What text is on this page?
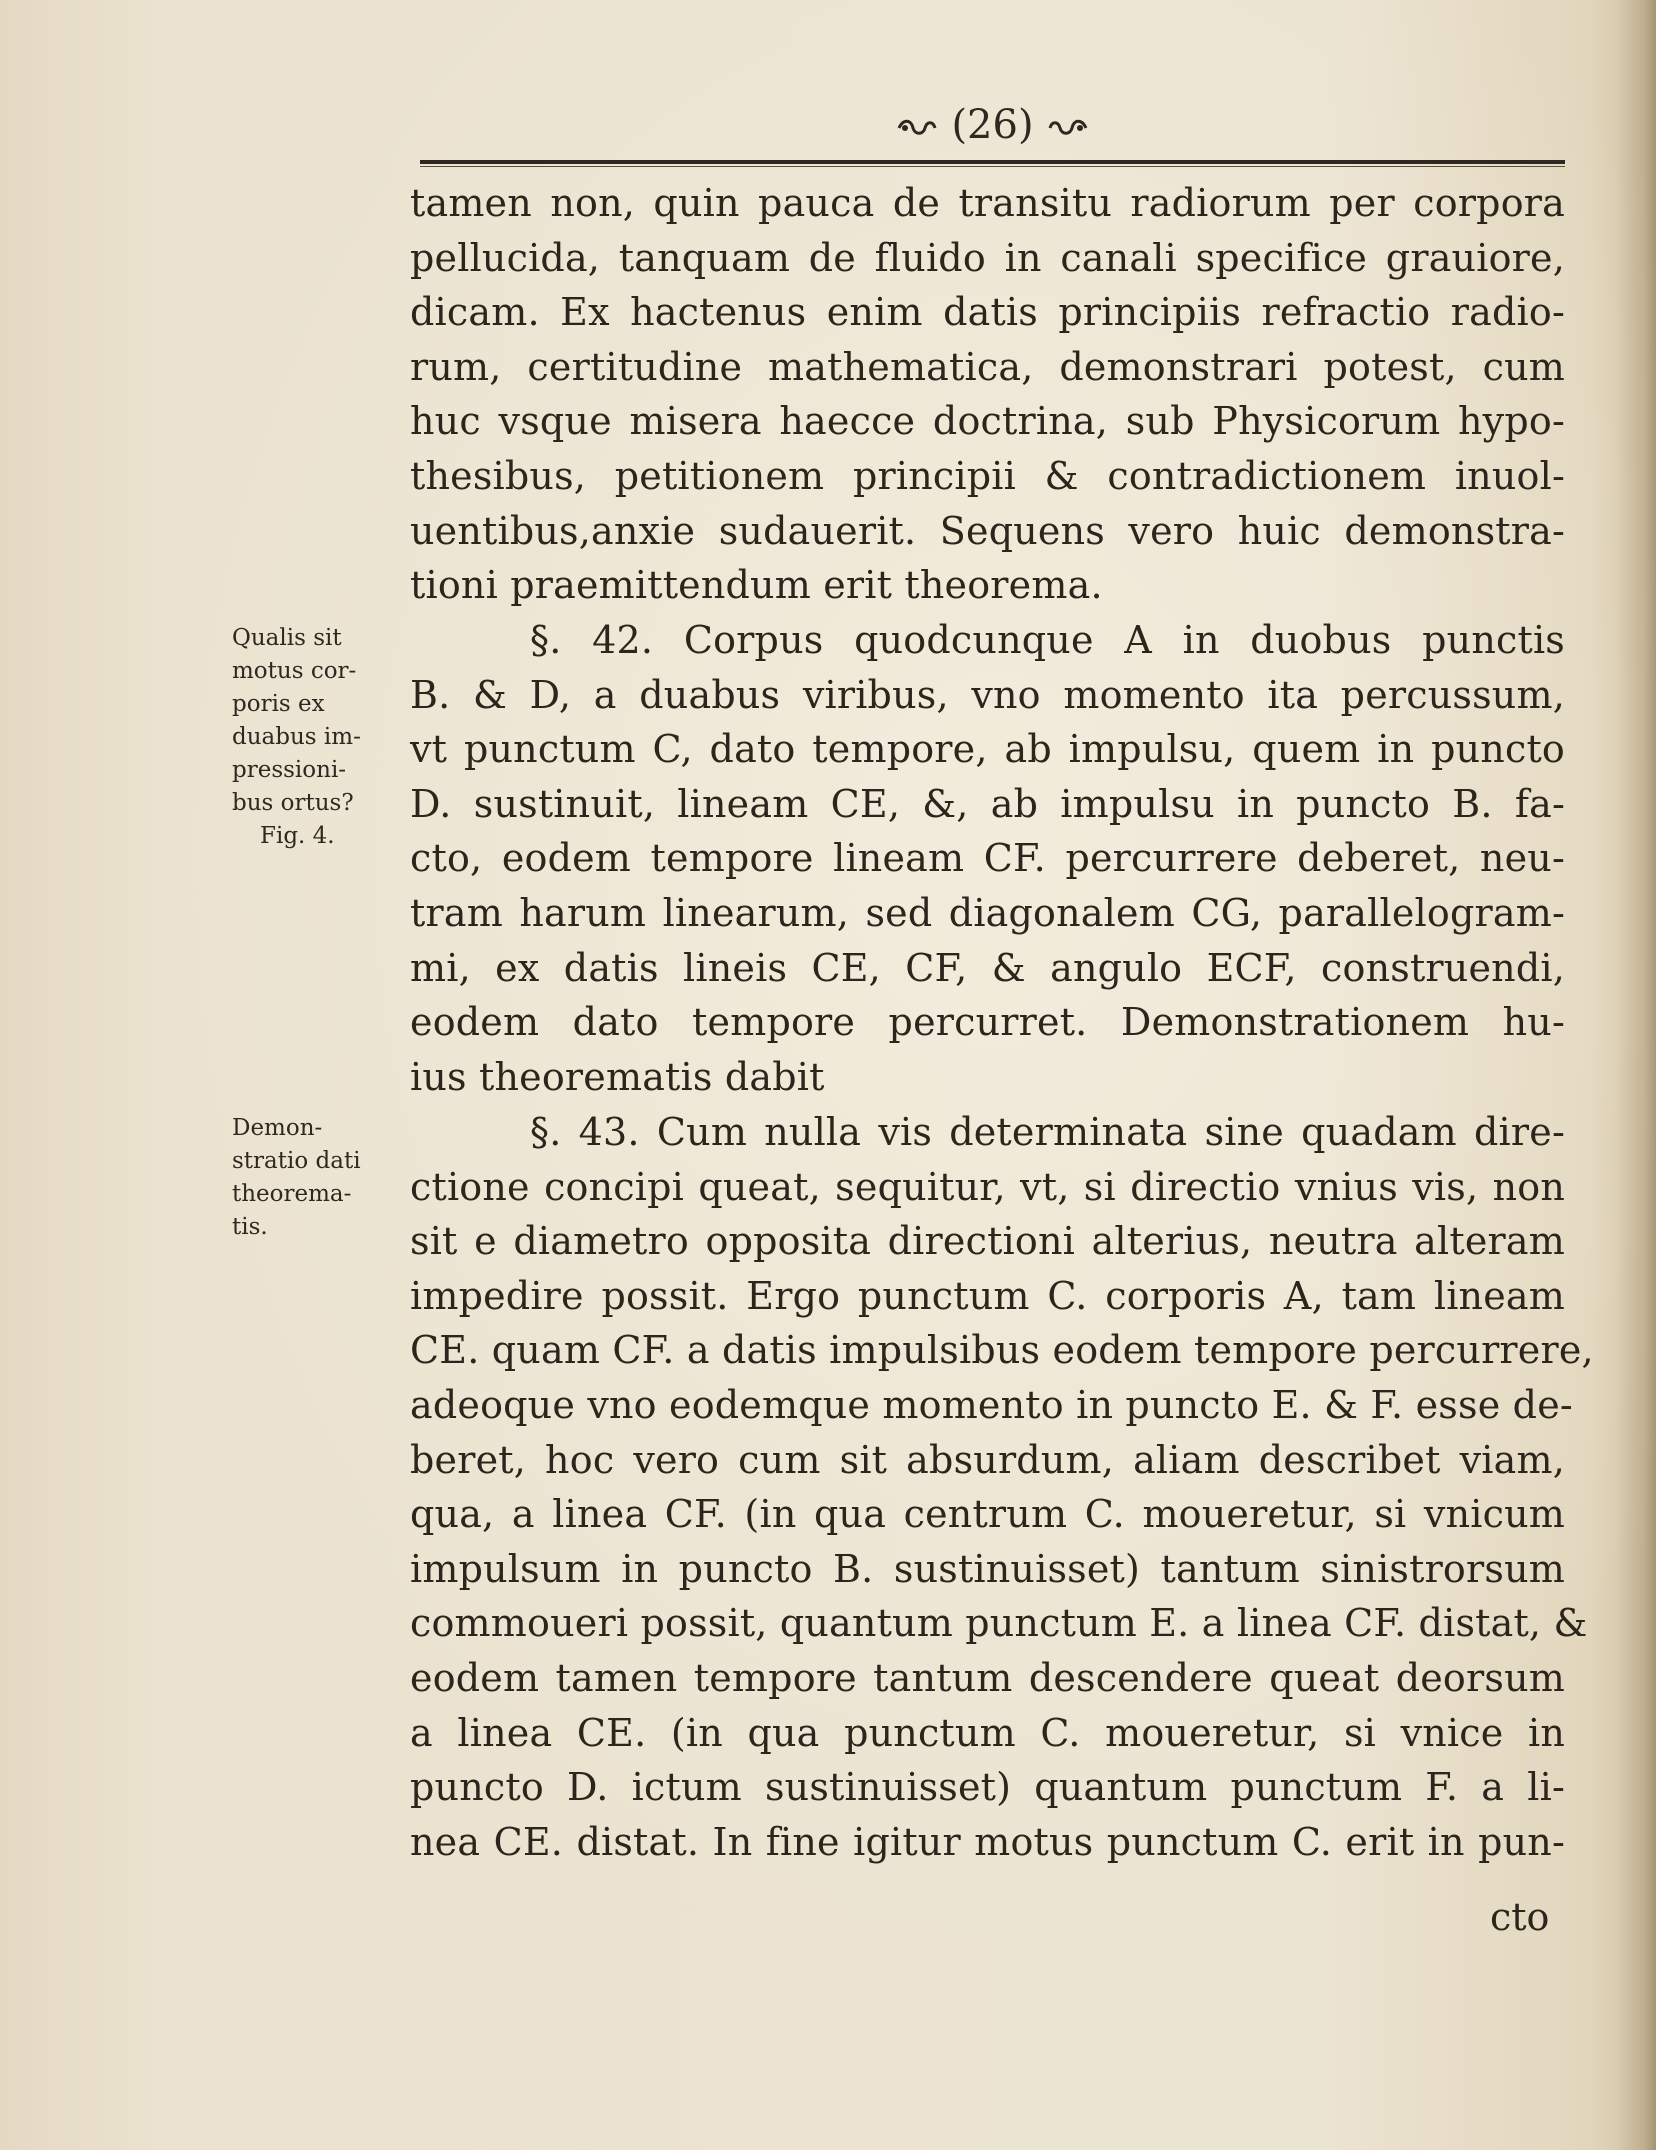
(26)
tamen non, quin pauca de transitu radiorum per corpora
pellucida, tanquam de fluido in canali specifice grauiore,
dicam. Ex hactenus enim datis principiis refractio radio-
rum, certitudine mathematica, demonstrari potest, cum
huc vsque misera haecce doctrina, sub Physicorum hypo-
thesibus, petitionem principii & contradictionem inuol-
uentibus,anxie sudauerit. Sequens vero huic demonstra-
tioni praemittendum erit theorema.
§. 42. Corpus quodcunque A in duobus punctis
B. & D, a duabus viribus, vno momento ita percussum,
vt punctum C, dato tempore, ab impulsu, quem in puncto
D. sustinuit, lineam CE, &, ab impulsu in puncto B. fa-
cto, eodem tempore lineam CF. percurrere deberet, neu-
tram harum linearum, sed diagonalem CG, parallelogram-
mi, ex datis lineis CE, CF, & angulo ECF, construendi,
eodem dato tempore percurret. Demonstrationem hu-
ius theorematis dabit
§. 43. Cum nulla vis determinata sine quadam dire-
ctione concipi queat, sequitur, vt, si directio vnius vis, non
sit e diametro opposita directioni alterius, neutra alteram
impedire possit. Ergo punctum C. corporis A, tam lineam
CE. quam CF. a datis impulsibus eodem tempore percurrere,
adeoque vno eodemque momento in puncto E. & F. esse de-
beret, hoc vero cum sit absurdum, aliam describet viam,
qua, a linea CF. (in qua centrum C. moueretur, si vnicum
impulsum in puncto B. sustinuisset) tantum sinistrorsum
commoueri possit, quantum punctum E. a linea CF. distat, &
eodem tamen tempore tantum descendere queat deorsum
a linea CE. (in qua punctum C. moueretur, si vnice in
puncto D. ictum sustinuisset) quantum punctum F. a li-
nea CE. distat. In fine igitur motus punctum C. erit in pun-
cto
Qualis sit
motus cor-
poris ex
duabus im-
pressioni-
bus ortus?
Fig. 4.
Demon-
stratio dati
theorema-
tis.
